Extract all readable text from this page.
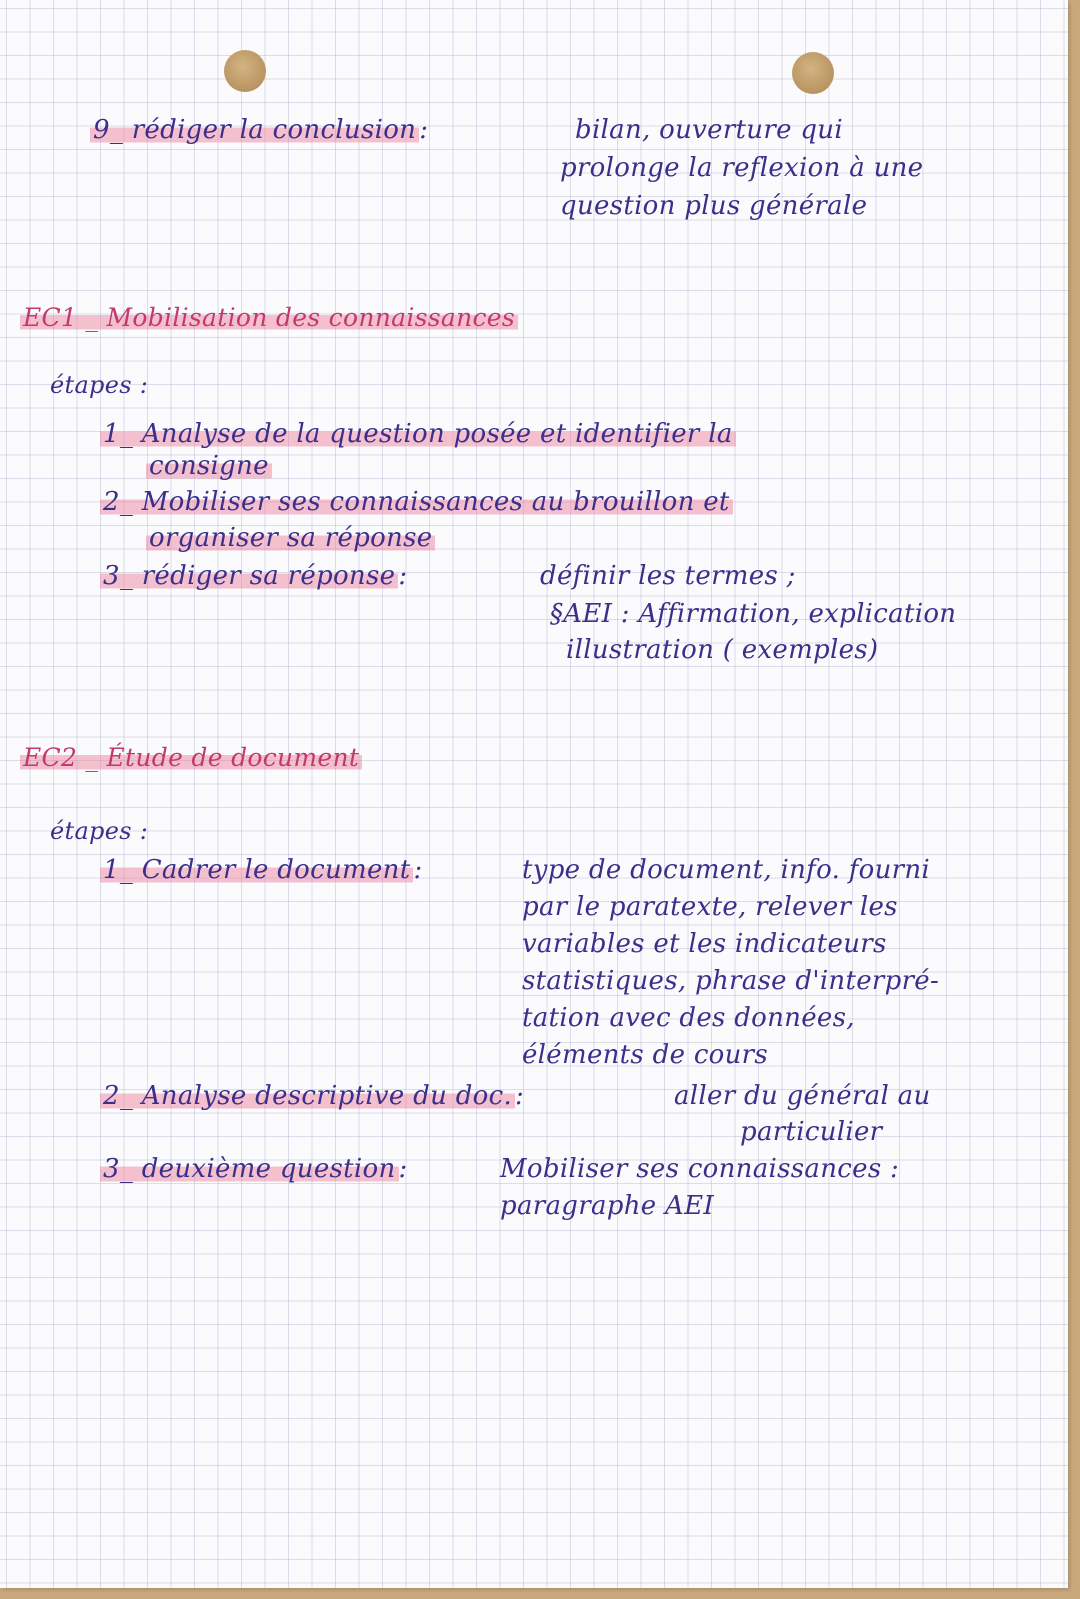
9_ rédiger la conclusion :	bilan, ouverture qui
prolonge la reflexion à une
question plus générale
EC1 _ Mobilisation des connaissances
étapes :
1_ Analyse de la question posée et identifier la
consigne
2_ Mobiliser ses connaissances au brouillon et
organiser sa réponse
3_ rédiger sa réponse :	définir les termes ;
§AEI : Affirmation, explication
illustration ( exemples)
EC2 _ Étude de document
étapes :
1_ Cadrer le document :	type de document, info. fourni
par le paratexte, relever les
variables et les indicateurs
statistiques, phrase d'interpré-
tation avec des données,
éléments de cours
2_ Analyse descriptive du doc. :	aller du général au
particulier
3_ deuxième question :	Mobiliser ses connaissances :
paragraphe AEI
